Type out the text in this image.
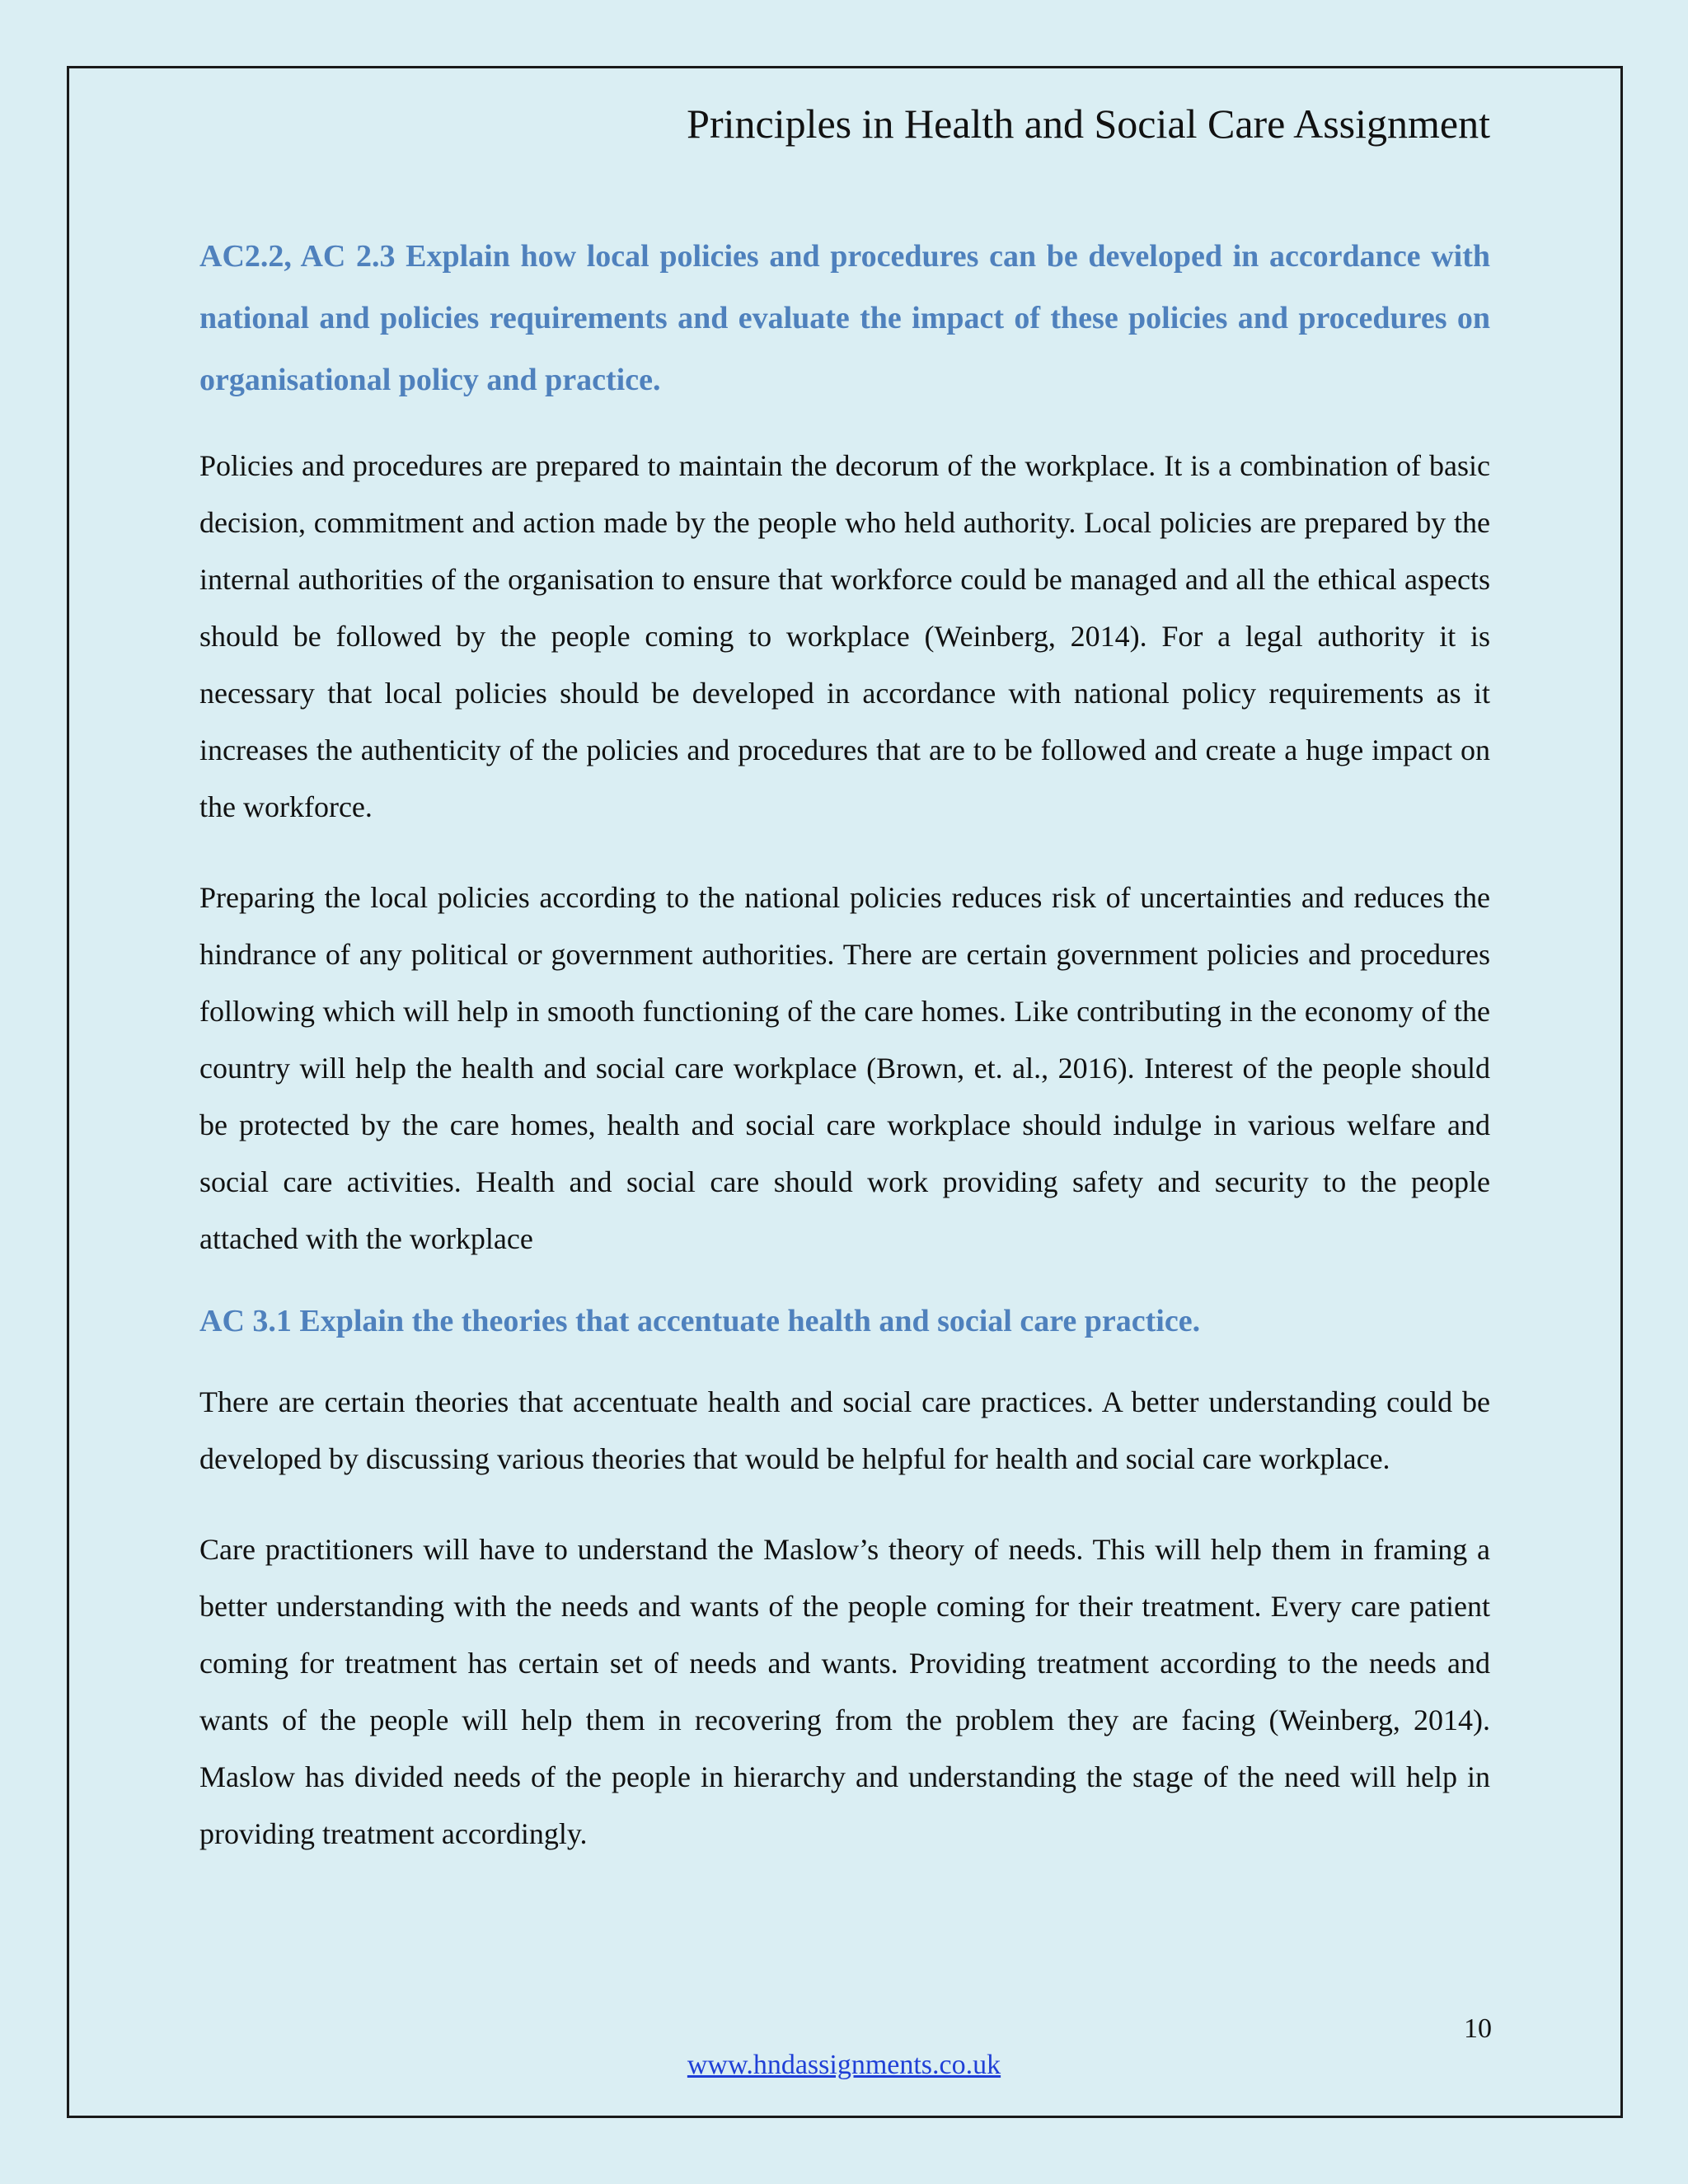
Principles in Health and Social Care Assignment

AC2.2, AC 2.3 Explain how local policies and procedures can be developed in accordance with national and policies requirements and evaluate the impact of these policies and procedures on organisational policy and practice.

Policies and procedures are prepared to maintain the decorum of the workplace. It is a combination of basic decision, commitment and action made by the people who held authority. Local policies are prepared by the internal authorities of the organisation to ensure that workforce could be managed and all the ethical aspects should be followed by the people coming to workplace (Weinberg, 2014). For a legal authority it is necessary that local policies should be developed in accordance with national policy requirements as it increases the authenticity of the policies and procedures that are to be followed and create a huge impact on the workforce.

Preparing the local policies according to the national policies reduces risk of uncertainties and reduces the hindrance of any political or government authorities. There are certain government policies and procedures following which will help in smooth functioning of the care homes. Like contributing in the economy of the country will help the health and social care workplace (Brown, et. al., 2016). Interest of the people should be protected by the care homes, health and social care workplace should indulge in various welfare and social care activities. Health and social care should work providing safety and security to the people attached with the workplace

AC 3.1 Explain the theories that accentuate health and social care practice.

There are certain theories that accentuate health and social care practices. A better understanding could be developed by discussing various theories that would be helpful for health and social care workplace.

Care practitioners will have to understand the Maslow’s theory of needs. This will help them in framing a better understanding with the needs and wants of the people coming for their treatment. Every care patient coming for treatment has certain set of needs and wants. Providing treatment according to the needs and wants of the people will help them in recovering from the problem they are facing (Weinberg, 2014). Maslow has divided needs of the people in hierarchy and understanding the stage of the need will help in providing treatment accordingly.

10
www.hndassignments.co.uk
